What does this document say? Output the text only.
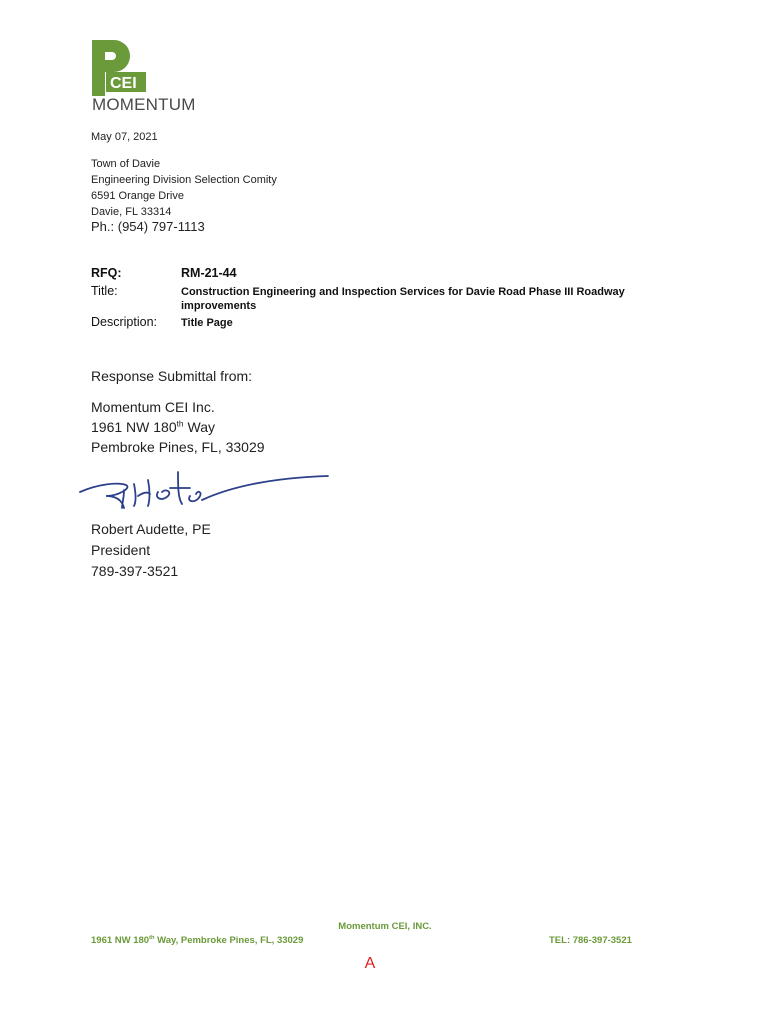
CEI
MOMENTUM
May 07, 2021
Town of Davie
Engineering Division Selection Comity
6591 Orange Drive
Davie, FL 33314
Ph.: (954) 797-1113
RFQ:	RM-21-44
Title:	Construction Engineering and Inspection Services for Davie Road Phase III Roadway
improvements
Description: Title Page
Response Submittal from:
Momentum CEI Inc.
1961 NW 180th Way
Pembroke Pines, FL, 33029
Robert Audette, PE
President
789-397-3521
Momentum CEI, INC.
1961 NW 180th Way, Pembroke Pines, FL, 33029	TEL: 786-397-3521
A
